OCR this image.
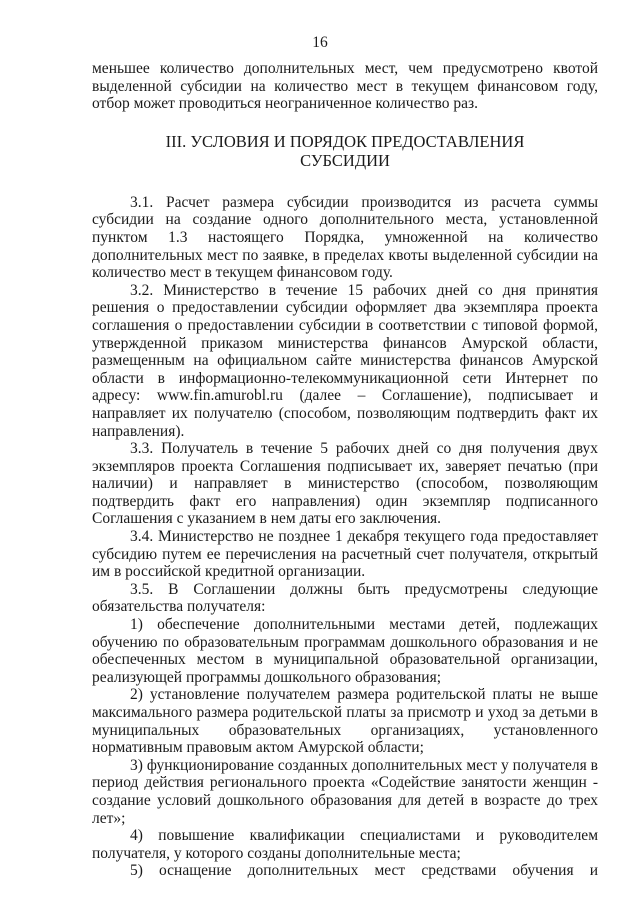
16

меньшее количество дополнительных мест, чем предусмотрено квотой выделенной субсидии на количество мест в текущем финансовом году, отбор может проводиться неограниченное количество раз.

III. УСЛОВИЯ И ПОРЯДОК ПРЕДОСТАВЛЕНИЯ
СУБСИДИИ

3.1. Расчет размера субсидии производится из расчета суммы субсидии на создание одного дополнительного места, установленной пунктом 1.3 настоящего Порядка, умноженной на количество дополнительных мест по заявке, в пределах квоты выделенной субсидии на количество мест в текущем финансовом году.

3.2. Министерство в течение 15 рабочих дней со дня принятия решения о предоставлении субсидии оформляет два экземпляра проекта соглашения о предоставлении субсидии в соответствии с типовой формой, утвержденной приказом министерства финансов Амурской области, размещенным на официальном сайте министерства финансов Амурской области в информационно-телекоммуникационной сети Интернет по адресу: www.fin.amurobl.ru (далее – Соглашение), подписывает и направляет их получателю (способом, позволяющим подтвердить факт их направления).

3.3. Получатель в течение 5 рабочих дней со дня получения двух экземпляров проекта Соглашения подписывает их, заверяет печатью (при наличии) и направляет в министерство (способом, позволяющим подтвердить факт его направления) один экземпляр подписанного Соглашения с указанием в нем даты его заключения.

3.4. Министерство не позднее 1 декабря текущего года предоставляет субсидию путем ее перечисления на расчетный счет получателя, открытый им в российской кредитной организации.

3.5. В Соглашении должны быть предусмотрены следующие обязательства получателя:

1) обеспечение дополнительными местами детей, подлежащих обучению по образовательным программам дошкольного образования и не обеспеченных местом в муниципальной образовательной организации, реализующей программы дошкольного образования;

2) установление получателем размера родительской платы не выше максимального размера родительской платы за присмотр и уход за детьми в муниципальных образовательных организациях, установленного нормативным правовым актом Амурской области;

3) функционирование созданных дополнительных мест у получателя в период действия регионального проекта «Содействие занятости женщин - создание условий дошкольного образования для детей в возрасте до трех лет»;

4) повышение квалификации специалистами и руководителем получателя, у которого созданы дополнительные места;

5) оснащение дополнительных мест средствами обучения и
